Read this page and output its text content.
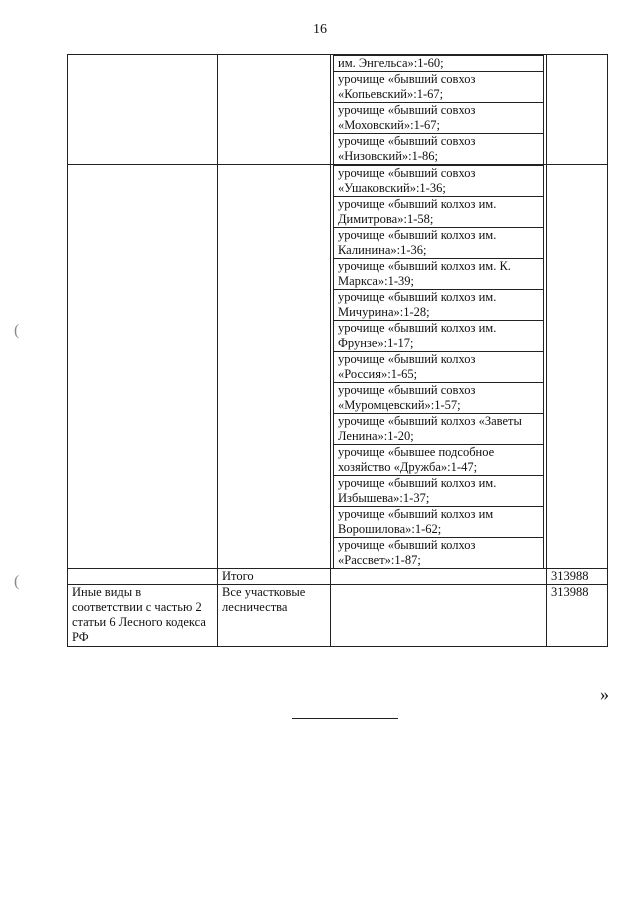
16

им. Энгельса»:1-60;
урочище «бывший совхоз «Копьевский»:1-67;
урочище «бывший совхоз «Моховский»:1-67;
урочище «бывший совхоз «Низовский»:1-86;

урочище «бывший совхоз «Ушаковский»:1-36;
урочище «бывший колхоз им. Димитрова»:1-58;
урочище «бывший колхоз им. Калинина»:1-36;
урочище «бывший колхоз им. К. Маркса»:1-39;
урочище «бывший колхоз им. Мичурина»:1-28;
урочище «бывший колхоз им. Фрунзе»:1-17;
урочище «бывший колхоз «Россия»:1-65;
урочище «бывший совхоз «Муромцевский»:1-57;
урочище «бывший колхоз «Заветы Ленина»:1-20;
урочище «бывшее подсобное хозяйство «Дружба»:1-47;
урочище «бывший колхоз им. Избышева»:1-37;
урочище «бывший колхоз им Ворошилова»:1-62;
урочище «бывший колхоз «Рассвет»:1-87;

	Итого		313988
Иные виды в соответствии с частью 2 статьи 6 Лесного кодекса РФ	Все участковые лесничества		313988
»
(
(
